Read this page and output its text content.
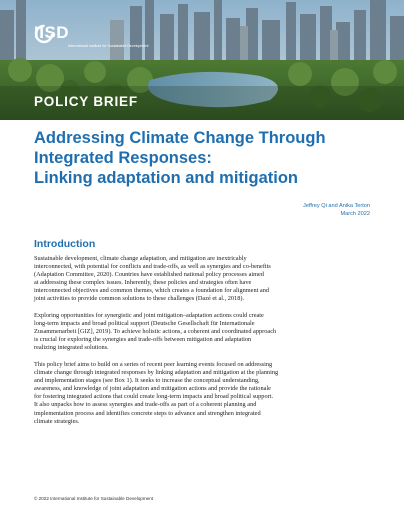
IISD
International Institute for Sustainable Development
POLICY BRIEF
Addressing Climate Change Through
Integrated Responses:
Linking adaptation and mitigation
Jeffrey Qi and Anika Terton
March 2022
Introduction
Sustainable development, climate change adaptation, and mitigation are inextricably
interconnected, with potential for conflicts and trade-offs, as well as synergies and co-benefits
(Adaptation Committee, 2020). Countries have established national policy processes aimed
at addressing these complex issues. Inherently, these policies and strategies often have
interconnected objectives and common themes, which creates a foundation for alignment and
joint activities to provide common solutions to these challenges (Dazé et al., 2018).
Exploring opportunities for synergistic and joint mitigation–adaptation actions could create
long-term impacts and broad political support (Deutsche Gesellschaft für Internationale
Zusammenarbeit [GIZ], 2019). To achieve holistic actions, a coherent and coordinated approach
is crucial for exploring the synergies and trade-offs between mitigation and adaptation
realizing integrated solutions.
This policy brief aims to build on a series of recent peer learning events focused on addressing
climate change through integrated responses by linking adaptation and mitigation at the planning
and implementation stages (see Box 1). It seeks to increase the conceptual understanding,
awareness, and knowledge of joint adaptation and mitigation actions and provide the rationale
for fostering integrated actions that could create long-term impacts and broad political support.
It also unpacks how to assess synergies and trade-offs as part of a coherent planning and
implementation process and identifies concrete steps to advance and strengthen integrated
climate strategies.
© 2022 International Institute for Sustainable Development
